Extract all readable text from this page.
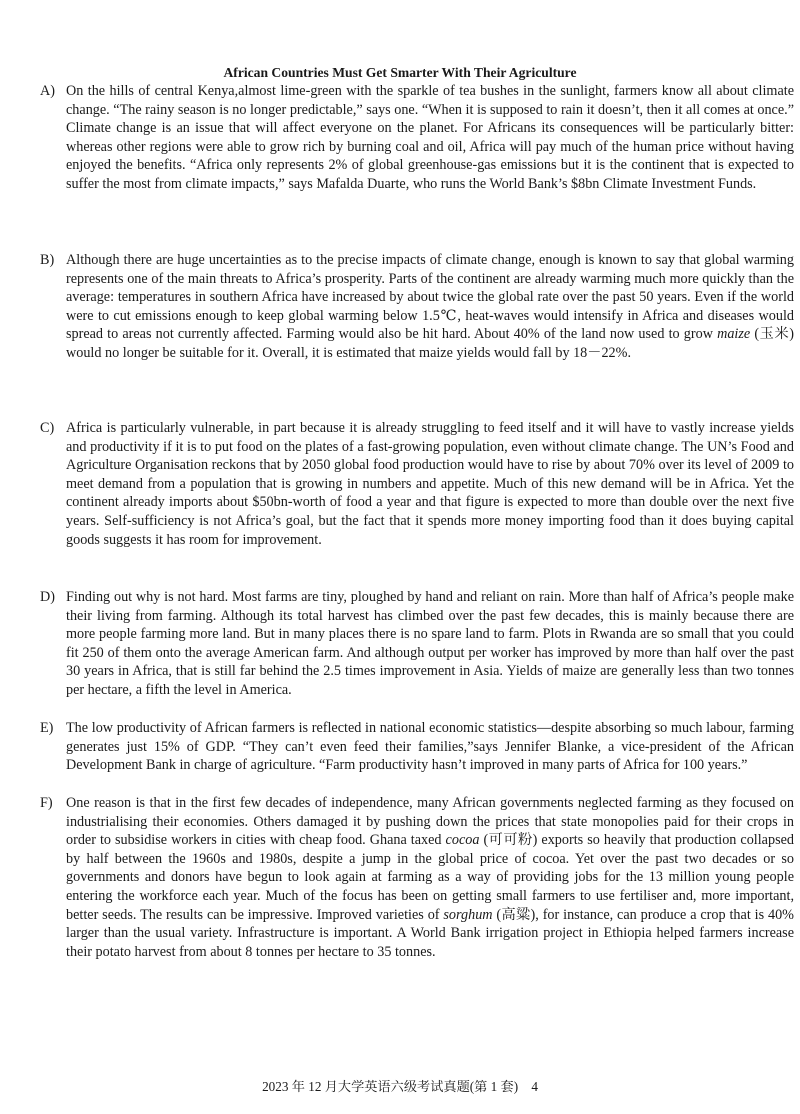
African Countries Must Get Smarter With Their Agriculture
A) On the hills of central Kenya,almost lime-green with the sparkle of tea bushes in the sunlight, farmers know all about climate change. “The rainy season is no longer predictable,” says one. “When it is supposed to rain it doesn’t, then it all comes at once.” Climate change is an issue that will affect everyone on the planet. For Africans its consequences will be particularly bitter: whereas other regions were able to grow rich by burning coal and oil, Africa will pay much of the human price without having enjoyed the benefits. “Africa only represents 2% of global greenhouse-gas emissions but it is the continent that is expected to suffer the most from climate impacts,” says Mafalda Duarte, who runs the World Bank’s $8bn Climate Investment Funds.
B) Although there are huge uncertainties as to the precise impacts of climate change, enough is known to say that global warming represents one of the main threats to Africa’s prosperity. Parts of the continent are already warming much more quickly than the average: temperatures in southern Africa have increased by about twice the global rate over the past 50 years. Even if the world were to cut emissions enough to keep global warming below 1.5℃, heat-waves would intensify in Africa and diseases would spread to areas not currently affected. Farming would also be hit hard. About 40% of the land now used to grow maize (玉米) would no longer be suitable for it. Overall, it is estimated that maize yields would fall by 18－22%.
C) Africa is particularly vulnerable, in part because it is already struggling to feed itself and it will have to vastly increase yields and productivity if it is to put food on the plates of a fast-growing population, even without climate change. The UN’s Food and Agriculture Organisation reckons that by 2050 global food production would have to rise by about 70% over its level of 2009 to meet demand from a population that is growing in numbers and appetite. Much of this new demand will be in Africa. Yet the continent already imports about $50bn-worth of food a year and that figure is expected to more than double over the next five years. Self-sufficiency is not Africa’s goal, but the fact that it spends more money importing food than it does buying capital goods suggests it has room for improvement.
D) Finding out why is not hard. Most farms are tiny, ploughed by hand and reliant on rain. More than half of Africa’s people make their living from farming. Although its total harvest has climbed over the past few decades, this is mainly because there are more people farming more land. But in many places there is no spare land to farm. Plots in Rwanda are so small that you could fit 250 of them onto the average American farm. And although output per worker has improved by more than half over the past 30 years in Africa, that is still far behind the 2.5 times improvement in Asia. Yields of maize are generally less than two tonnes per hectare, a fifth the level in America.
E) The low productivity of African farmers is reflected in national economic statistics—despite absorbing so much labour, farming generates just 15% of GDP. “They can’t even feed their families,”says Jennifer Blanke, a vice-president of the African Development Bank in charge of agriculture. “Farm productivity hasn’t improved in many parts of Africa for 100 years.”
F) One reason is that in the first few decades of independence, many African governments neglected farming as they focused on industrialising their economies. Others damaged it by pushing down the prices that state monopolies paid for their crops in order to subsidise workers in cities with cheap food. Ghana taxed cocoa (可可粉) exports so heavily that production collapsed by half between the 1960s and 1980s, despite a jump in the global price of cocoa. Yet over the past two decades or so governments and donors have begun to look again at farming as a way of providing jobs for the 13 million young people entering the workforce each year. Much of the focus has been on getting small farmers to use fertiliser and, more important, better seeds. The results can be impressive. Improved varieties of sorghum (高粱), for instance, can produce a crop that is 40% larger than the usual variety. Infrastructure is important. A World Bank irrigation project in Ethiopia helped farmers increase their potato harvest from about 8 tonnes per hectare to 35 tonnes.
2023 年 12 月大学英语六级考试真题(第 1 套)　4
